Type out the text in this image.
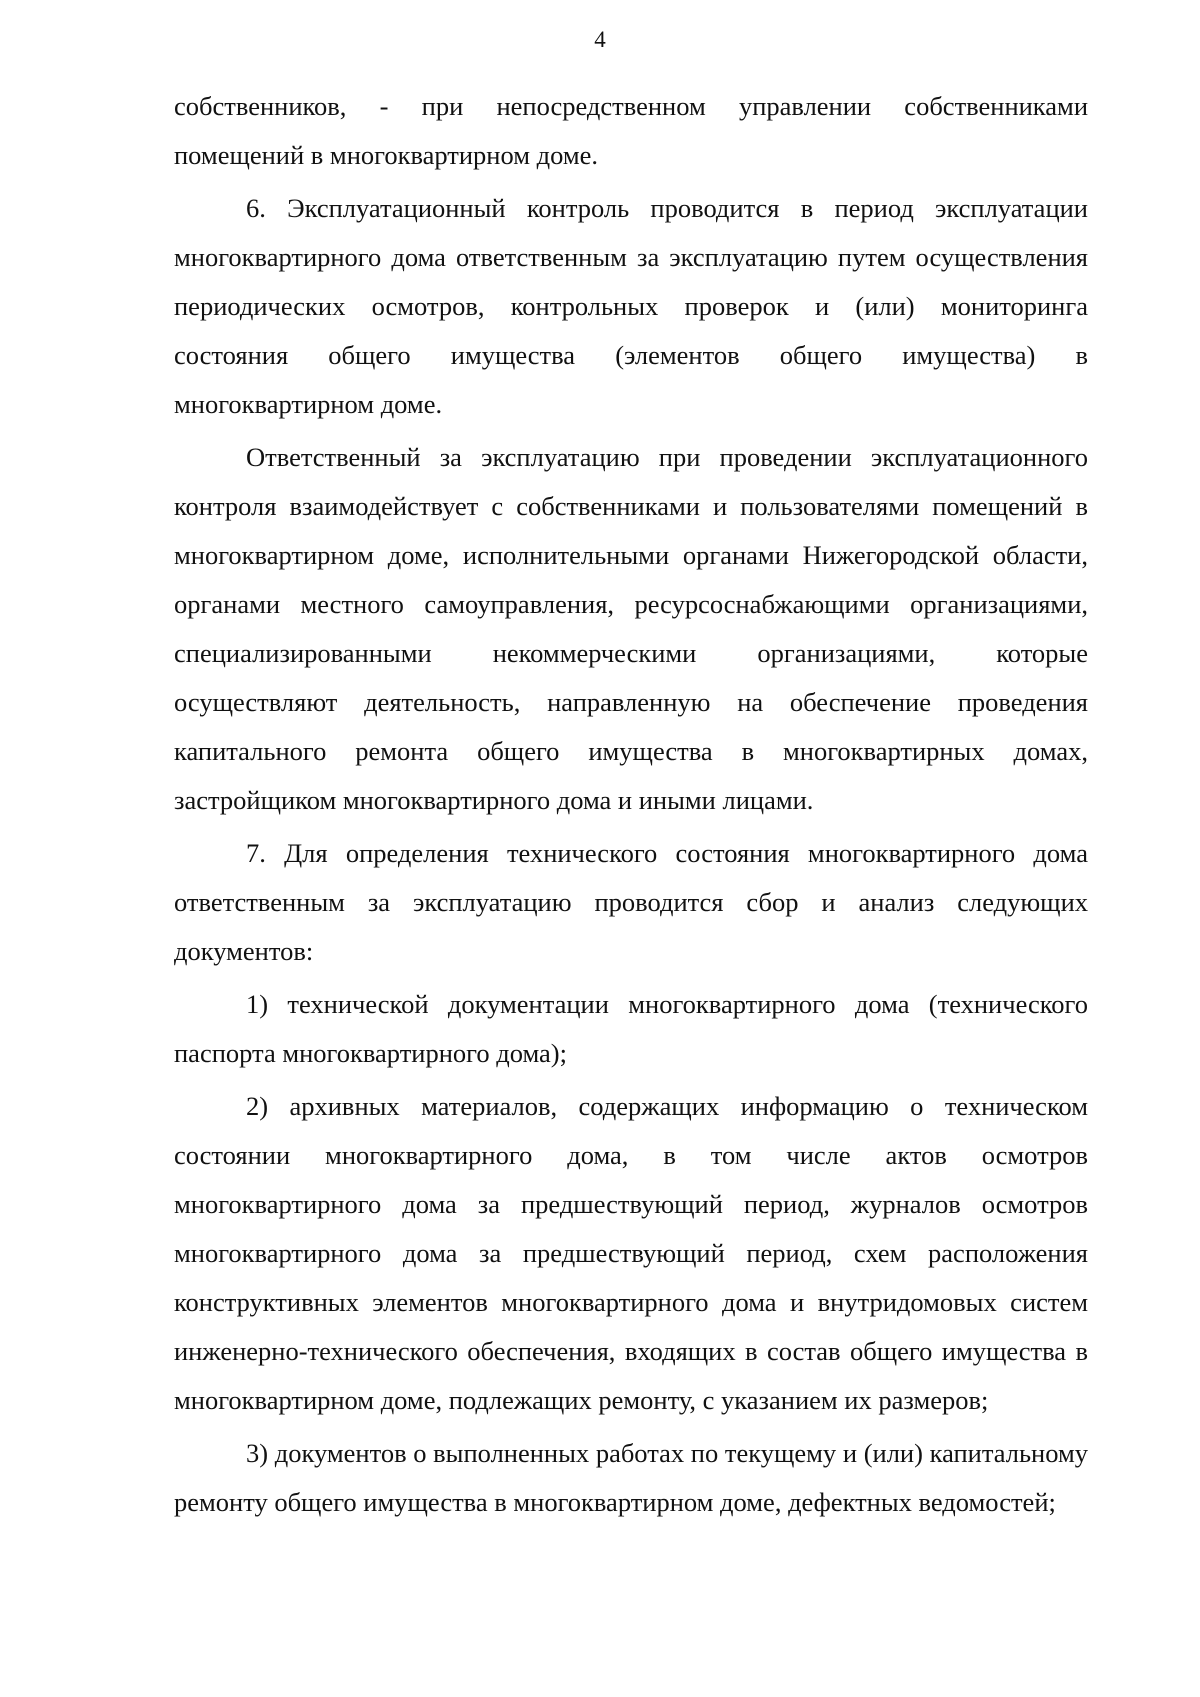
4

собственников, - при непосредственном управлении собственниками помещений в многоквартирном доме.

6. Эксплуатационный контроль проводится в период эксплуатации многоквартирного дома ответственным за эксплуатацию путем осуществления периодических осмотров, контрольных проверок и (или) мониторинга состояния общего имущества (элементов общего имущества) в многоквартирном доме.

Ответственный за эксплуатацию при проведении эксплуатационного контроля взаимодействует с собственниками и пользователями помещений в многоквартирном доме, исполнительными органами Нижегородской области, органами местного самоуправления, ресурсоснабжающими организациями, специализированными некоммерческими организациями, которые осуществляют деятельность, направленную на обеспечение проведения капитального ремонта общего имущества в многоквартирных домах, застройщиком многоквартирного дома и иными лицами.

7. Для определения технического состояния многоквартирного дома ответственным за эксплуатацию проводится сбор и анализ следующих документов:

1) технической документации многоквартирного дома (технического паспорта многоквартирного дома);

2) архивных материалов, содержащих информацию о техническом состоянии многоквартирного дома, в том числе актов осмотров многоквартирного дома за предшествующий период, журналов осмотров многоквартирного дома за предшествующий период, схем расположения конструктивных элементов многоквартирного дома и внутридомовых систем инженерно-технического обеспечения, входящих в состав общего имущества в многоквартирном доме, подлежащих ремонту, с указанием их размеров;

3) документов о выполненных работах по текущему и (или) капитальному ремонту общего имущества в многоквартирном доме, дефектных ведомостей;
